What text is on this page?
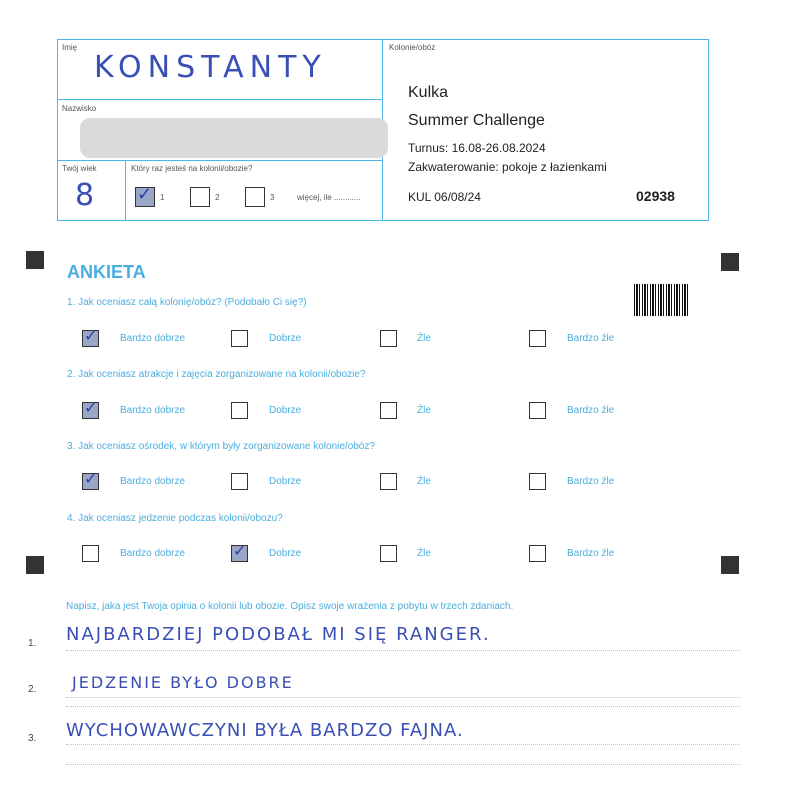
Imię
KONSTANTY
Nazwisko
Twój wiek
8
Który raz jesteś na kolonii/obozie?
✓ 1	2	3	więcej, ile ............
Kolonie/obóz
Kulka
Summer Challenge
Turnus: 16.08-26.08.2024
Zakwaterowanie: pokoje z łazienkami
KUL 06/08/24	02938
ANKIETA
1. Jak oceniasz całą kolonię/obóz? (Podobało Ci się?)
✓ Bardzo dobrze	Dobrze	Źle	Bardzo źle
2. Jak oceniasz atrakcje i zajęcia zorganizowane na kolonii/obozie?
✓ Bardzo dobrze	Dobrze	Źle	Bardzo źle
3. Jak oceniasz ośrodek, w którym były zorganizowane kolonie/obóz?
✓ Bardzo dobrze	Dobrze	Źle	Bardzo źle
4. Jak oceniasz jedzenie podczas kolonii/obozu?
Bardzo dobrze	✓ Dobrze	Źle	Bardzo źle
Napisz, jaka jest Twoja opinia o kolonii lub obozie. Opisz swoje wrażenia z pobytu w trzech zdaniach.
1. NAJBARDZIEJ PODOBAŁ MI SIĘ RANGER.
2. JEDZENIE BYŁO DOBRE
3. WYCHOWAWCZYNI BYŁA BARDZO FAJNA.
